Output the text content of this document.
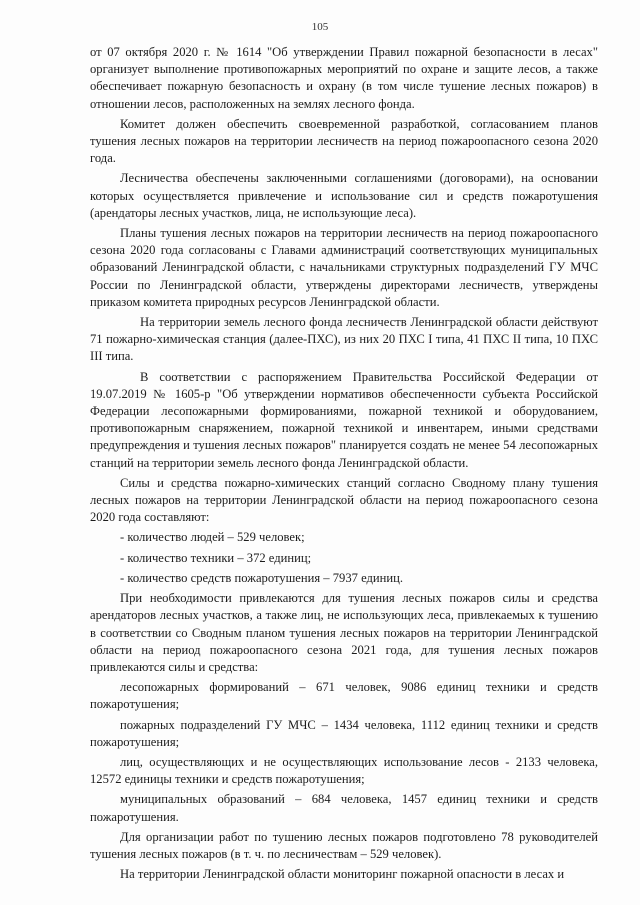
105

от 07 октября 2020 г. № 1614 "Об утверждении Правил пожарной безопасности в лесах" организует выполнение противопожарных мероприятий по охране и защите лесов, а также обеспечивает пожарную безопасность и охрану (в том числе тушение лесных пожаров) в отношении лесов, расположенных на землях лесного фонда.

Комитет должен обеспечить своевременной разработкой, согласованием планов тушения лесных пожаров на территории лесничеств на период пожароопасного сезона 2020 года.

Лесничества обеспечены заключенными соглашениями (договорами), на основании которых осуществляется привлечение и использование сил и средств пожаротушения (арендаторы лесных участков, лица, не использующие леса).

Планы тушения лесных пожаров на территории лесничеств на период пожароопасного сезона 2020 года согласованы с Главами администраций соответствующих муниципальных образований Ленинградской области, с начальниками структурных подразделений ГУ МЧС России по Ленинградской области, утверждены директорами лесничеств, утверждены приказом комитета природных ресурсов Ленинградской области.

На территории земель лесного фонда лесничеств Ленинградской области действуют 71 пожарно-химическая станция (далее-ПХС), из них 20 ПХС I типа, 41 ПХС II типа, 10 ПХС III типа.

В соответствии с распоряжением Правительства Российской Федерации от 19.07.2019 № 1605-р "Об утверждении нормативов обеспеченности субъекта Российской Федерации лесопожарными формированиями, пожарной техникой и оборудованием, противопожарным снаряжением, пожарной техникой и инвентарем, иными средствами предупреждения и тушения лесных пожаров" планируется создать не менее 54 лесопожарных станций на территории земель лесного фонда Ленинградской области.

Силы и средства пожарно-химических станций согласно Сводному плану тушения лесных пожаров на территории Ленинградской области на период пожароопасного сезона 2020 года составляют:

- количество людей – 529 человек;

- количество техники – 372 единиц;

- количество средств пожаротушения – 7937 единиц.

При необходимости привлекаются для тушения лесных пожаров силы и средства арендаторов лесных участков, а также лиц, не использующих леса, привлекаемых к тушению в соответствии со Сводным планом тушения лесных пожаров на территории Ленинградской области на период пожароопасного сезона 2021 года, для тушения лесных пожаров привлекаются силы и средства:

лесопожарных формирований – 671 человек, 9086 единиц техники и средств пожаротушения;

пожарных подразделений ГУ МЧС – 1434 человека, 1112 единиц техники и средств пожаротушения;

лиц, осуществляющих и не осуществляющих использование лесов - 2133 человека, 12572 единицы техники и средств пожаротушения;

муниципальных образований – 684 человека, 1457 единиц техники и средств пожаротушения.

Для организации работ по тушению лесных пожаров подготовлено 78 руководителей тушения лесных пожаров (в т. ч. по лесничествам – 529 человек).

На территории Ленинградской области мониторинг пожарной опасности в лесах и
